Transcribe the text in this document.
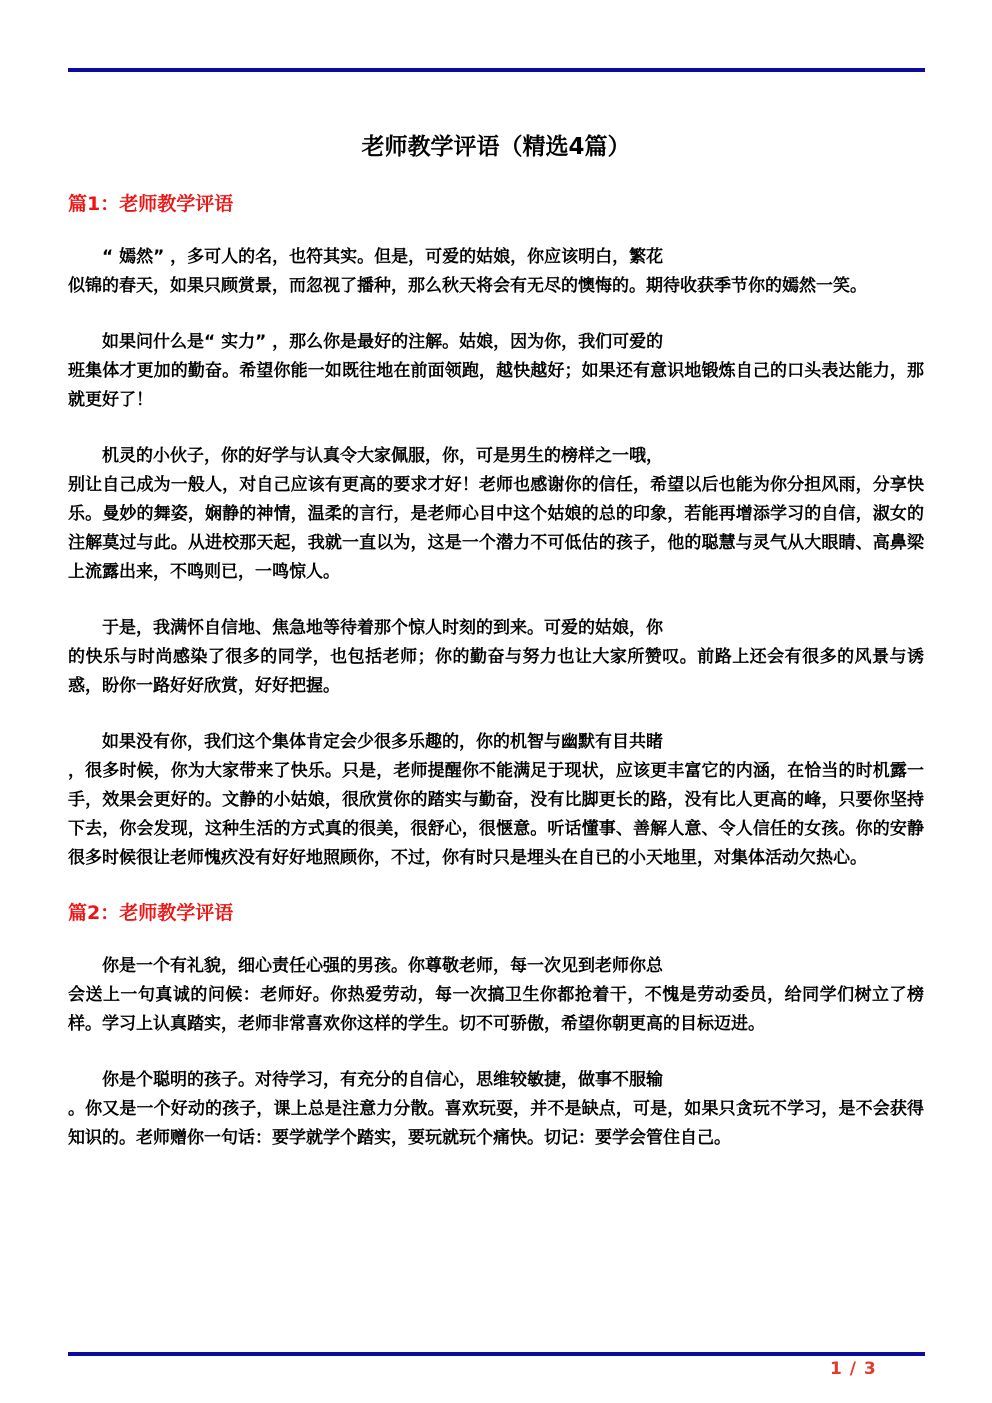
老师教学评语（精选4篇）
篇1：老师教学评语

“ 嫣然” ，多可人的名，也符其实。但是，可爱的姑娘，你应该明白，繁花
似锦的春天，如果只顾赏景，而忽视了播种，那么秋天将会有无尽的懊悔的。期待收获季节你的嫣然一笑。

如果问什么是“ 实力” ，那么你是最好的注解。姑娘，因为你，我们可爱的
班集体才更加的勤奋。希望你能一如既往地在前面领跑，越快越好；如果还有意识地锻炼自己的口头表达能力，那就更好了！

机灵的小伙子，你的好学与认真令大家佩服，你，可是男生的榜样之一哦，
别让自己成为一般人，对自己应该有更高的要求才好！老师也感谢你的信任，希望以后也能为你分担风雨，分享快乐。曼妙的舞姿，娴静的神情，温柔的言行，是老师心目中这个姑娘的总的印象，若能再增添学习的自信，淑女的注解莫过与此。从进校那天起，我就一直以为，这是一个潜力不可低估的孩子，他的聪慧与灵气从大眼睛、高鼻梁上流露出来，不鸣则已，一鸣惊人。

于是，我满怀自信地、焦急地等待着那个惊人时刻的到来。可爱的姑娘，你
的快乐与时尚感染了很多的同学，也包括老师；你的勤奋与努力也让大家所赞叹。前路上还会有很多的风景与诱惑，盼你一路好好欣赏，好好把握。

如果没有你，我们这个集体肯定会少很多乐趣的，你的机智与幽默有目共睹
，很多时候，你为大家带来了快乐。只是，老师提醒你不能满足于现状，应该更丰富它的内涵，在恰当的时机露一手，效果会更好的。文静的小姑娘，很欣赏你的踏实与勤奋，没有比脚更长的路，没有比人更高的峰，只要你坚持下去，你会发现，这种生活的方式真的很美，很舒心，很惬意。听话懂事、善解人意、令人信任的女孩。你的安静很多时候很让老师愧疚没有好好地照顾你，不过，你有时只是埋头在自已的小天地里，对集体活动欠热心。

篇2：老师教学评语

你是一个有礼貌，细心责任心强的男孩。你尊敬老师，每一次见到老师你总
会送上一句真诚的问候：老师好。你热爱劳动，每一次搞卫生你都抢着干，不愧是劳动委员，给同学们树立了榜样。学习上认真踏实，老师非常喜欢你这样的学生。切不可骄傲，希望你朝更高的目标迈进。

你是个聪明的孩子。对待学习，有充分的自信心，思维较敏捷，做事不服输
。你又是一个好动的孩子，课上总是注意力分散。喜欢玩耍，并不是缺点，可是，如果只贪玩不学习，是不会获得知识的。老师赠你一句话：要学就学个踏实，要玩就玩个痛快。切记：要学会管住自己。

1 / 3
